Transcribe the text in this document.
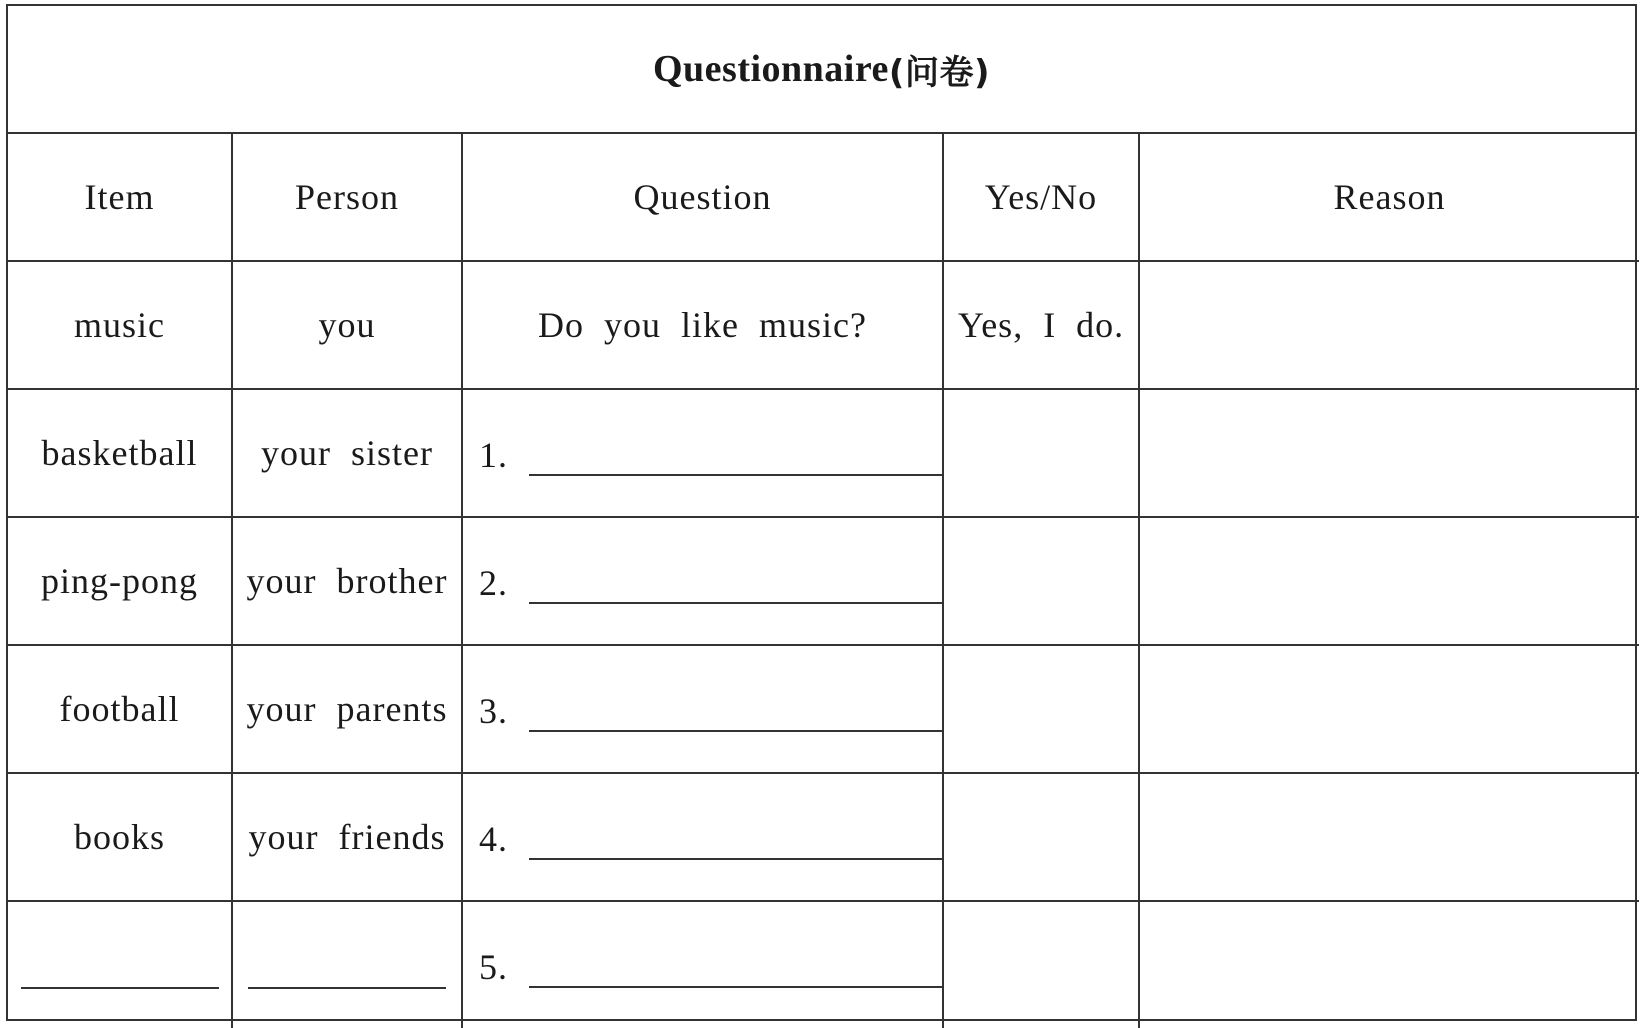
Questionnaire (问卷)
Item	Person	Question	Yes/No	Reason
music	you	Do you like music?	Yes, I do.	
basketball	your sister	1.		
ping-pong	your brother	2.		
football	your parents	3.		
books	your friends	4.		
		5.		
